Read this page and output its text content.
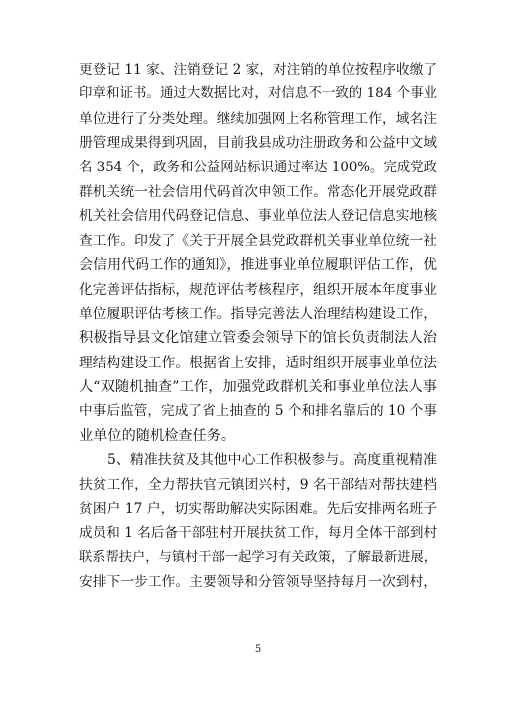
更登记 11 家、注销登记 2 家，对注销的单位按程序收缴了
印章和证书。通过大数据比对，对信息不一致的 184 个事业
单位进行了分类处理。继续加强网上名称管理工作，域名注
册管理成果得到巩固，目前我县成功注册政务和公益中文域
名 354 个，政务和公益网站标识通过率达 100%。完成党政
群机关统一社会信用代码首次申领工作。常态化开展党政群
机关社会信用代码登记信息、事业单位法人登记信息实地核
查工作。印发了《关于开展全县党政群机关事业单位统一社
会信用代码工作的通知》，推进事业单位履职评估工作，优
化完善评估指标，规范评估考核程序，组织开展本年度事业
单位履职评估考核工作。指导完善法人治理结构建设工作，
积极指导县文化馆建立管委会领导下的馆长负责制法人治
理结构建设工作。根据省上安排，适时组织开展事业单位法
人“双随机抽查”工作，加强党政群机关和事业单位法人事
中事后监管，完成了省上抽查的 5 个和排名靠后的 10 个事
业单位的随机检查任务。
5、精准扶贫及其他中心工作积极参与。高度重视精准
扶贫工作，全力帮扶官元镇团兴村，9 名干部结对帮扶建档
贫困户 17 户，切实帮助解决实际困难。先后安排两名班子
成员和 1 名后备干部驻村开展扶贫工作，每月全体干部到村
联系帮扶户，与镇村干部一起学习有关政策，了解最新进展，
安排下一步工作。主要领导和分管领导坚持每月一次到村，
5
